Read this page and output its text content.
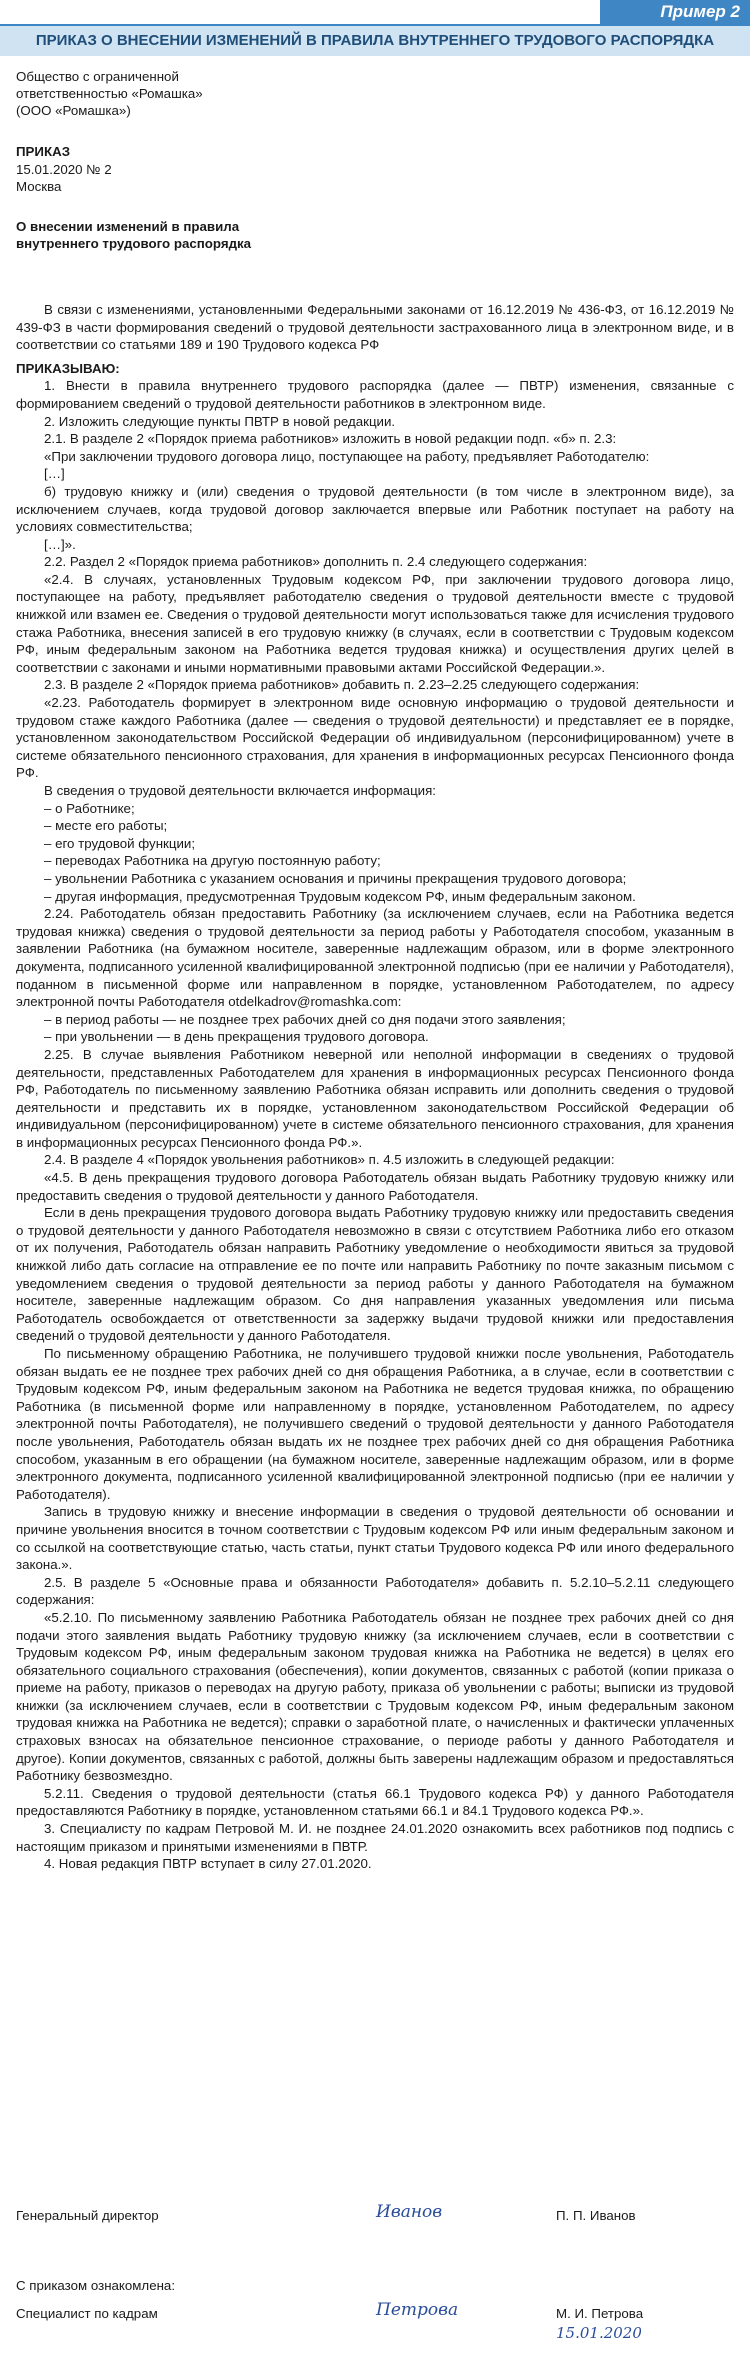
Пример 2
ПРИКАЗ О ВНЕСЕНИИ ИЗМЕНЕНИЙ В ПРАВИЛА ВНУТРЕННЕГО ТРУДОВОГО РАСПОРЯДКА
Общество с ограниченной
ответственностью «Ромашка»
(ООО «Ромашка»)
ПРИКАЗ
15.01.2020 № 2
Москва
О внесении изменений в правила
внутреннего трудового распорядка

В связи с изменениями, установленными Федеральными законами от 16.12.2019 № 436-ФЗ, от 16.12.2019 № 439-ФЗ в части формирования сведений о трудовой деятельности застрахованного лица в электронном виде, и в соответствии со статьями 189 и 190 Трудового кодекса РФ

ПРИКАЗЫВАЮ:

1. Внести в правила внутреннего трудового распорядка (далее — ПВТР) изменения, связанные с формированием сведений о трудовой деятельности работников в электронном виде.

2. Изложить следующие пункты ПВТР в новой редакции.

2.1. В разделе 2 «Порядок приема работников» изложить в новой редакции подп. «б» п. 2.3:

«При заключении трудового договора лицо, поступающее на работу, предъявляет Работодателю:

[…]

б) трудовую книжку и (или) сведения о трудовой деятельности (в том числе в электронном виде), за исключением случаев, когда трудовой договор заключается впервые или Работник поступает на работу на условиях совместительства;

[…]».

2.2. Раздел 2 «Порядок приема работников» дополнить п. 2.4 следующего содержания:

«2.4. В случаях, установленных Трудовым кодексом РФ, при заключении трудового договора лицо, поступающее на работу, предъявляет работодателю сведения о трудовой деятельности вместе с трудовой книжкой или взамен ее. Сведения о трудовой деятельности могут использоваться также для исчисления трудового стажа Работника, внесения записей в его трудовую книжку (в случаях, если в соответствии с Трудовым кодексом РФ, иным федеральным законом на Работника ведется трудовая книжка) и осуществления других целей в соответствии с законами и иными нормативными правовыми актами Российской Федерации.».

2.3. В разделе 2 «Порядок приема работников» добавить п. 2.23–2.25 следующего содержания:

«2.23. Работодатель формирует в электронном виде основную информацию о трудовой деятельности и трудовом стаже каждого Работника (далее — сведения о трудовой деятельности) и представляет ее в порядке, установленном законодательством Российской Федерации об индивидуальном (персонифицированном) учете в системе обязательного пенсионного страхования, для хранения в информационных ресурсах Пенсионного фонда РФ.

В сведения о трудовой деятельности включается информация:

– о Работнике;

– месте его работы;

– его трудовой функции;

– переводах Работника на другую постоянную работу;

– увольнении Работника с указанием основания и причины прекращения трудового договора;

– другая информация, предусмотренная Трудовым кодексом РФ, иным федеральным законом.

2.24. Работодатель обязан предоставить Работнику (за исключением случаев, если на Работника ведется трудовая книжка) сведения о трудовой деятельности за период работы у Работодателя способом, указанным в заявлении Работника (на бумажном носителе, заверенные надлежащим образом, или в форме электронного документа, подписанного усиленной квалифицированной электронной подписью (при ее наличии у Работодателя), поданном в письменной форме или направленном в порядке, установленном Работодателем, по адресу электронной почты Работодателя otdelkadrov@romashka.com:

– в период работы — не позднее трех рабочих дней со дня подачи этого заявления;

– при увольнении — в день прекращения трудового договора.

2.25. В случае выявления Работником неверной или неполной информации в сведениях о трудовой деятельности, представленных Работодателем для хранения в информационных ресурсах Пенсионного фонда РФ, Работодатель по письменному заявлению Работника обязан исправить или дополнить сведения о трудовой деятельности и представить их в порядке, установленном законодательством Российской Федерации об индивидуальном (персонифицированном) учете в системе обязательного пенсионного страхования, для хранения в информационных ресурсах Пенсионного фонда РФ.».

2.4. В разделе 4 «Порядок увольнения работников» п. 4.5 изложить в следующей редакции:

«4.5. В день прекращения трудового договора Работодатель обязан выдать Работнику трудовую книжку или предоставить сведения о трудовой деятельности у данного Работодателя.

Если в день прекращения трудового договора выдать Работнику трудовую книжку или предоставить сведения о трудовой деятельности у данного Работодателя невозможно в связи с отсутствием Работника либо его отказом от их получения, Работодатель обязан направить Работнику уведомление о необходимости явиться за трудовой книжкой либо дать согласие на отправление ее по почте или направить Работнику по почте заказным письмом с уведомлением сведения о трудовой деятельности за период работы у данного Работодателя на бумажном носителе, заверенные надлежащим образом. Со дня направления указанных уведомления или письма Работодатель освобождается от ответственности за задержку выдачи трудовой книжки или предоставления сведений о трудовой деятельности у данного Работодателя.

По письменному обращению Работника, не получившего трудовой книжки после увольнения, Работодатель обязан выдать ее не позднее трех рабочих дней со дня обращения Работника, а в случае, если в соответствии с Трудовым кодексом РФ, иным федеральным законом на Работника не ведется трудовая книжка, по обращению Работника (в письменной форме или направленному в порядке, установленном Работодателем, по адресу электронной почты Работодателя), не получившего сведений о трудовой деятельности у данного Работодателя после увольнения, Работодатель обязан выдать их не позднее трех рабочих дней со дня обращения Работника способом, указанным в его обращении (на бумажном носителе, заверенные надлежащим образом, или в форме электронного документа, подписанного усиленной квалифицированной электронной подписью (при ее наличии у Работодателя).

Запись в трудовую книжку и внесение информации в сведения о трудовой деятельности об основании и причине увольнения вносится в точном соответствии с Трудовым кодексом РФ или иным федеральным законом и со ссылкой на соответствующие статью, часть статьи, пункт статьи Трудового кодекса РФ или иного федерального закона.».

2.5. В разделе 5 «Основные права и обязанности Работодателя» добавить п. 5.2.10–5.2.11 следующего содержания:

«5.2.10. По письменному заявлению Работника Работодатель обязан не позднее трех рабочих дней со дня подачи этого заявления выдать Работнику трудовую книжку (за исключением случаев, если в соответствии с Трудовым кодексом РФ, иным федеральным законом трудовая книжка на Работника не ведется) в целях его обязательного социального страхования (обеспечения), копии документов, связанных с работой (копии приказа о приеме на работу, приказов о переводах на другую работу, приказа об увольнении с работы; выписки из трудовой книжки (за исключением случаев, если в соответствии с Трудовым кодексом РФ, иным федеральным законом трудовая книжка на Работника не ведется); справки о заработной плате, о начисленных и фактически уплаченных страховых взносах на обязательное пенсионное страхование, о периоде работы у данного Работодателя и другое). Копии документов, связанных с работой, должны быть заверены надлежащим образом и предоставляться Работнику безвозмездно.

5.2.11. Сведения о трудовой деятельности (статья 66.1 Трудового кодекса РФ) у данного Работодателя предоставляются Работнику в порядке, установленном статьями 66.1 и 84.1 Трудового кодекса РФ.».

3. Специалисту по кадрам Петровой М. И. не позднее 24.01.2020 ознакомить всех работников под подпись с настоящим приказом и принятыми изменениями в ПВТР.

4. Новая редакция ПВТР вступает в силу 27.01.2020.

Генеральный директор	Иванов	П. П. Иванов
С приказом ознакомлена:
Специалист по кадрам	Петрова	М. И. Петрова
15.01.2020
